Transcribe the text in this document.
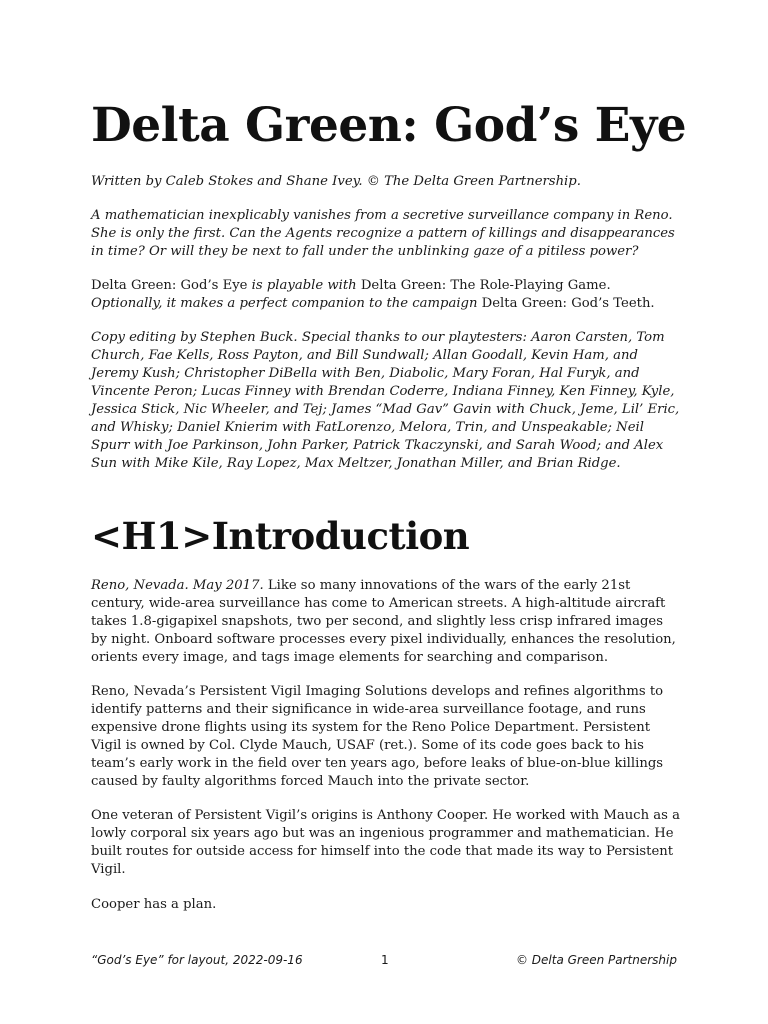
Delta Green: God’s Eye

Written by Caleb Stokes and Shane Ivey. © The Delta Green Partnership.

A mathematician inexplicably vanishes from a secretive surveillance company in Reno. She is only the first. Can the Agents recognize a pattern of killings and disappearances in time? Or will they be next to fall under the unblinking gaze of a pitiless power?

Delta Green: God’s Eye is playable with Delta Green: The Role-Playing Game. Optionally, it makes a perfect companion to the campaign Delta Green: God’s Teeth.

Copy editing by Stephen Buck. Special thanks to our playtesters: Aaron Carsten, Tom Church, Fae Kells, Ross Payton, and Bill Sundwall; Allan Goodall, Kevin Ham, and Jeremy Kush; Christopher DiBella with Ben, Diabolic, Mary Foran, Hal Furyk, and Vincente Peron; Lucas Finney with Brendan Coderre, Indiana Finney, Ken Finney, Kyle, Jessica Stick, Nic Wheeler, and Tej; James “Mad Gav” Gavin with Chuck, Jeme, Lil’ Eric, and Whisky; Daniel Knierim with FatLorenzo, Melora, Trin, and Unspeakable; Neil Spurr with Joe Parkinson, John Parker, Patrick Tkaczynski, and Sarah Wood; and Alex Sun with Mike Kile, Ray Lopez, Max Meltzer, Jonathan Miller, and Brian Ridge.

<H1>Introduction

Reno, Nevada. May 2017. Like so many innovations of the wars of the early 21st century, wide-area surveillance has come to American streets. A high-altitude aircraft takes 1.8-gigapixel snapshots, two per second, and slightly less crisp infrared images by night. Onboard software processes every pixel individually, enhances the resolution, orients every image, and tags image elements for searching and comparison.

Reno, Nevada’s Persistent Vigil Imaging Solutions develops and refines algorithms to identify patterns and their significance in wide-area surveillance footage, and runs expensive drone flights using its system for the Reno Police Department. Persistent Vigil is owned by Col. Clyde Mauch, USAF (ret.). Some of its code goes back to his team’s early work in the field over ten years ago, before leaks of blue-on-blue killings caused by faulty algorithms forced Mauch into the private sector.

One veteran of Persistent Vigil’s origins is Anthony Cooper. He worked with Mauch as a lowly corporal six years ago but was an ingenious programmer and mathematician. He built routes for outside access for himself into the code that made its way to Persistent Vigil.

Cooper has a plan.

“God’s Eye” for layout, 2022-09-16	1	© Delta Green Partnership
